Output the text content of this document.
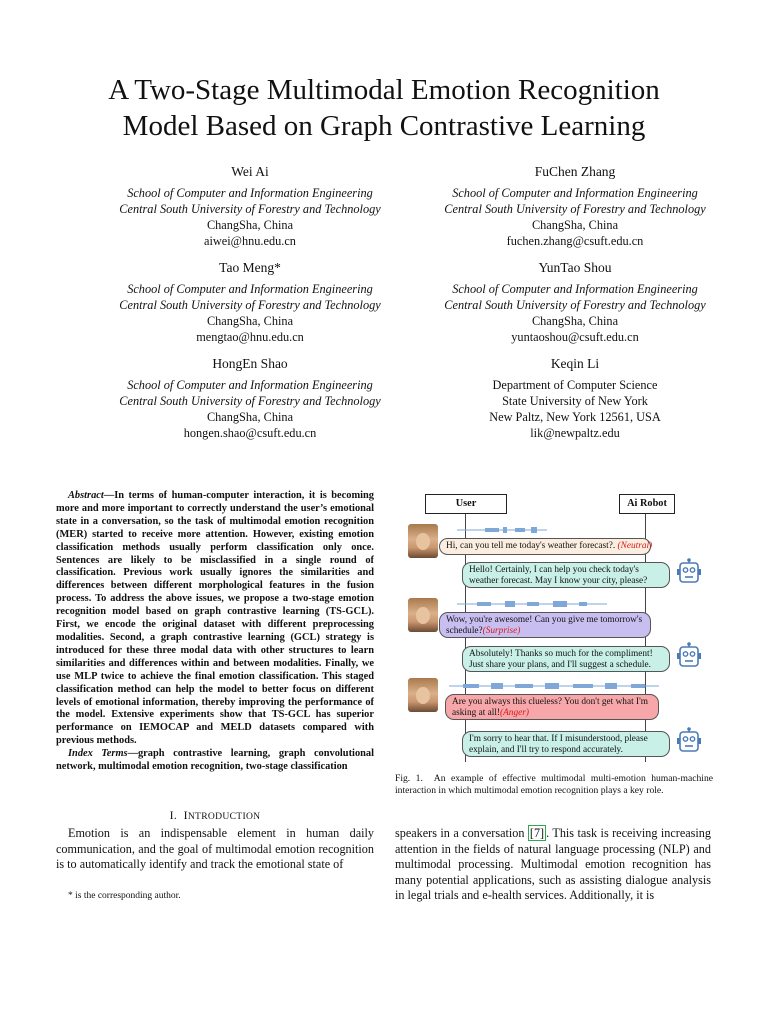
A Two-Stage Multimodal Emotion Recognition
Model Based on Graph Contrastive Learning
Wei Ai
School of Computer and Information Engineering
Central South University of Forestry and Technology
ChangSha, China
aiwei@hnu.edu.cn
FuChen Zhang
School of Computer and Information Engineering
Central South University of Forestry and Technology
ChangSha, China
fuchen.zhang@csuft.edu.cn
Tao Meng*
School of Computer and Information Engineering
Central South University of Forestry and Technology
ChangSha, China
mengtao@hnu.edu.cn
YunTao Shou
School of Computer and Information Engineering
Central South University of Forestry and Technology
ChangSha, China
yuntaoshou@csuft.edu.cn
HongEn Shao
School of Computer and Information Engineering
Central South University of Forestry and Technology
ChangSha, China
hongen.shao@csuft.edu.cn
Keqin Li
Department of Computer Science
State University of New York
New Paltz, New York 12561, USA
lik@newpaltz.edu

Abstract—In terms of human-computer interaction, it is becoming more and more important to correctly understand the user’s emotional state in a conversation, so the task of multimodal emotion recognition (MER) started to receive more attention. However, existing emotion classification methods usually perform classification only once. Sentences are likely to be misclassified in a single round of classification. Previous work usually ignores the similarities and differences between different morphological features in the fusion process. To address the above issues, we propose a two-stage emotion recognition model based on graph contrastive learning (TS-GCL). First, we encode the original dataset with different preprocessing modalities. Second, a graph contrastive learning (GCL) strategy is introduced for these three modal data with other structures to learn similarities and differences within and between modalities. Finally, we use MLP twice to achieve the final emotion classification. This staged classification method can help the model to better focus on different levels of emotional information, thereby improving the performance of the model. Extensive experiments show that TS-GCL has superior performance on IEMOCAP and MELD datasets compared with previous methods.

Index Terms—graph contrastive learning, graph convolutional network, multimodal emotion recognition, two-stage classification

I. INTRODUCTION

Emotion is an indispensable element in human daily communication, and the goal of multimodal emotion recognition is to automatically identify and track the emotional state of

* is the corresponding author.

speakers in a conversation [7] . This task is receiving increasing attention in the fields of natural language processing (NLP) and multimodal processing. Multimodal emotion recognition has many potential applications, such as assisting dialogue analysis in legal trials and e-health services. Additionally, it is

User	Ai Robot
Hi, can you tell me today's weather forecast?. (Neutral)
Hello! Certainly, I can help you check today's weather forecast. May I know your city, please?
Wow, you're awesome! Can you give me tomorrow's schedule?(Surprise)
Absolutely! Thanks so much for the compliment! Just share your plans, and I'll suggest a schedule.
Are you always this clueless? You don't get what I'm asking at all!(Anger)
I'm sorry to hear that. If I misunderstood, please explain, and I'll try to respond accurately.
Fig. 1. An example of effective multimodal multi-emotion human-machine interaction in which multimodal emotion recognition plays a key role.
